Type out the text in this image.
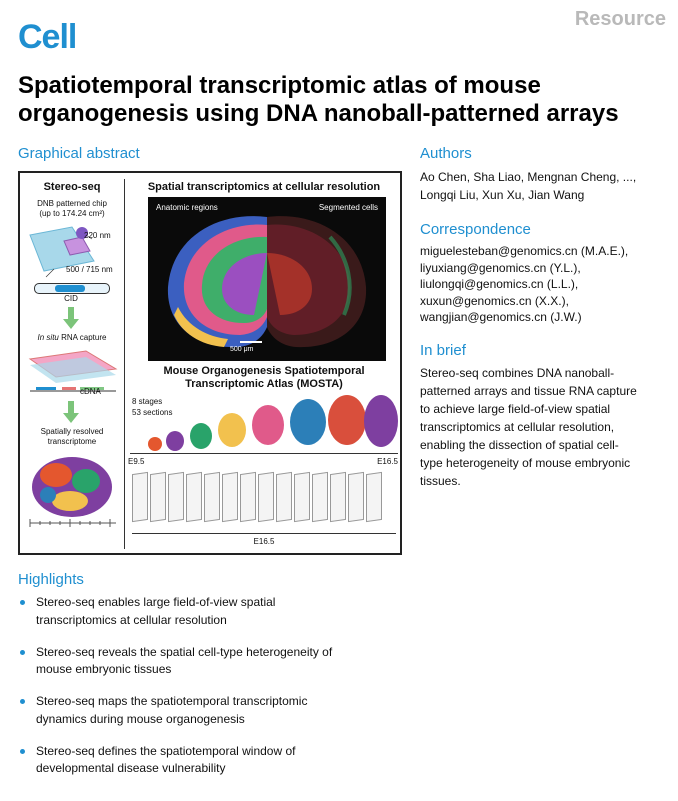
Cell	Resource
Spatiotemporal transcriptomic atlas of mouse
organogenesis using DNA nanoball-patterned arrays
Graphical abstract
Stereo-seq
DNB patterned chip
(up to 174.24 cm²)
220 nm
500 / 715 nm
CID
In situ RNA capture
cDNA
Spatially resolved
transcriptome
Spatial transcriptomics at cellular resolution
Anatomic regions	Segmented cells
500 μm
Mouse Organogenesis Spatiotemporal
Transcriptomic Atlas (MOSTA)
8 stages
53 sections
E9.5	E16.5
E16.5
Authors
Ao Chen, Sha Liao, Mengnan Cheng, ...,
Longqi Liu, Xun Xu, Jian Wang
Correspondence
miguelesteban@genomics.cn (M.A.E.),
liyuxiang@genomics.cn (Y.L.),
liulongqi@genomics.cn (L.L.),
xuxun@genomics.cn (X.X.),
wangjian@genomics.cn (J.W.)
In brief
Stereo-seq combines DNA nanoball-
patterned arrays and tissue RNA capture
to achieve large field-of-view spatial
transcriptomics at cellular resolution,
enabling the dissection of spatial cell-
type heterogeneity of mouse embryonic
tissues.
Highlights
Stereo-seq enables large field-of-view spatial
transcriptomics at cellular resolution
Stereo-seq reveals the spatial cell-type heterogeneity of
mouse embryonic tissues
Stereo-seq maps the spatiotemporal transcriptomic
dynamics during mouse organogenesis
Stereo-seq defines the spatiotemporal window of
developmental disease vulnerability
